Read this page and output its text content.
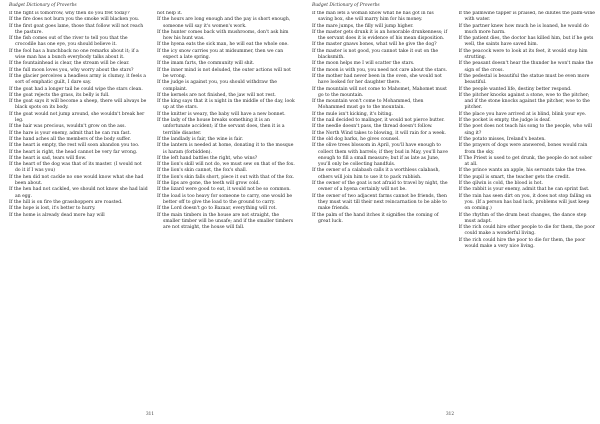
Budget Dictionary of Proverbs

If the fight is tomorrow, why then do you fret today?

If the fire does not burn you the smoke will blacken you.

If the first goat goes lame, those that follow will not reach the pasture.

If the fish comes out of the river to tell you that the crocodile has one eye, you should believe it.

If the fool has a hunchback no one remarks about it; if a wise man has a bunch everybody talks about it.

If the fountainhead is clear, the stream will be clear.

If the full moon loves you, why worry about the stars?

If the glacier perceives a headless army is clumsy, it feels a sort of emphatic guilt, I dare say.

If the goat had a longer tail he could wipe the stars clean.

If the goat rejects the grass, its belly is full.

If the goat says it will become a sheep, there will always be black spots on its body.

If the goat would not jump around, she wouldn't break her leg.

If the hair was precious, wouldn't grow on the ass.

If the hare is your enemy, admit that he can run fast.

If the hand aches all the members of the body suffer.

If the heart is empty, the rest will soon abandon you too.

If the heart is right, the head cannot be very far wrong.

If the heart is sad, tears will flow.

If the heart of the dog was that of its master. (I would not do it if I was you)

If the hen did not cackle no one would know what she had been about.

If the hen had not cackled, we should not know she had laid an egg.

If the hill is on fire the grasshoppers are roasted.

If the hope is lost, it's better to hurry.

If the home is already dead more hay will

not help it.

If the hours are long enough and the pay is short enough, someone will say it's women's work.

If the hunter comes back with mushrooms, don't ask him how his hunt was.

If the hyena eats the sick man, he will eat the whole one.

If the icy snow carries you at midsummer, then we can expect a late spring.

If the imam farts, the community will shit.

If the inner mind is not deluded, the outer actions will not be wrong.

If the judge is against you, you should withdraw the complaint.

If the kernels are not finished, the jaw will not rest.

If the king says that it is night in the middle of the day, look up at the stars.

If the knitter is weary, the baby will have a new bonnet.

If the lady of the house breaks something it is an unfortunate accident; if the servant does, then it is a terrible disaster.

If the landlady is fair, the wine is fair.

If the lantern is needed at home, donating it to the mosque is haram (forbidden).

If the left hand battles the right, who wins?

If the lion's skill will not do, we must sew on that of the fox.

If the lion's skin cannot, the fox's shall.

If the lion's skin falls short, piece it out with that of the fox.

If the lips are gone, the teeth will grow cold.

If the lizard were good to eat, it would not be so common.

If the load is too heavy for someone to carry, one would be better off to give the load to the ground to carry.

If the Lord doesn't go to Bazaar, everything will rot.

If the main timbers in the house are not straight, the smaller timber will be unsafe; and if the smaller timbers are not straight, the house will fall.

311
Budget Dictionary of Proverbs

If the man lets a woman know what he has got in his saving box, she will marry him for his money.

If the mare jumps, the filly will jump higher.

If the master gets drunk it is an honorable drunkenness; if the servant does it is evidence of his mean disposition.

If the master gnaws bones, what will he give the dog?

If the master is not good, you cannot take it out on the blacksmith.

If the moon helps me I will scatter the stars.

If the moon is with you, you need not care about the stars.

If the mother had never been in the oven, she would not have looked for her daughter there.

If the mountain will not come to Mahomet, Mahomet must go to the mountain.

If the mountain won't come to Mohammed, then Mohammed must go to the mountain.

If the mule isn't kicking, it's biting.

If the nail decided to malinger, it would not pierce butter.

If the needle doesn't pass, the thread doesn't follow.

If the North Wind takes to blowing, it will rain for a week.

If the old dog barks, he gives counsel.

If the olive trees blossom in April, you'll have enough to collect them with barrels; if they bud in May, you'll have enough to fill a small measure; but if as late as June, you'll only be collecting handfuls.

If the owner of a calabash calls it a worthless calabash, others will join him to use it to pack rubbish.

If the owner of the goat is not afraid to travel by night, the owner of a hyena certainly will not be.

If the owner of two adjacent farms cannot be friends, then they must wait till their next reincarnation to be able to make friends.

If the palm of the hand itches it signifies the coming of great luck.

If the palmwine tapper is praised, he dilutes the palm-wine with water.

If the partner knew how much he is loaned, he would do much more harm.

If the patient dies, the doctor has killed him, but if he gets well, the saints have saved him.

If the peacock were to look at its feet, it would stop him strutting.

If the peasant doesn't hear the thunder he won't make the sign of the cross.

If the pedestal is beautiful the statue must be even more beautiful.

If the people wanted life, destiny better respond.

If the pitcher knocks against a stone, woe to the pitcher; and if the stone knocks against the pitcher, woe to the pitcher.

If the place you have arrived at is blind, blink your eye.

If the pocket is empty, the judge is deaf.

If the poet does not teach his song to the people, who will sing it?

If the potato misses, Ireland's beaten.

If the prayers of dogs were answered, bones would rain from the sky.

If The Priest is used to get drunk, the people do not sober at all.

If the prince wants an apple, his servants take the tree.

If the pupil is smart, the teacher gets the credit.

If the qilwin is cold, the blood is hot.

If the rabbit is your enemy, admit that he can sprint fast.

If the rain has seen dirt on you, it does not stop falling on you. (If a person has bad luck, problems will just keep on coming.)

If the rhythm of the drum beat changes, the dance step must adapt.

If the rich could hire other people to die for them, the poor could make a wonderful living.

If the rich could hire the poor to die for them, the poor would make a very nice living.

312
